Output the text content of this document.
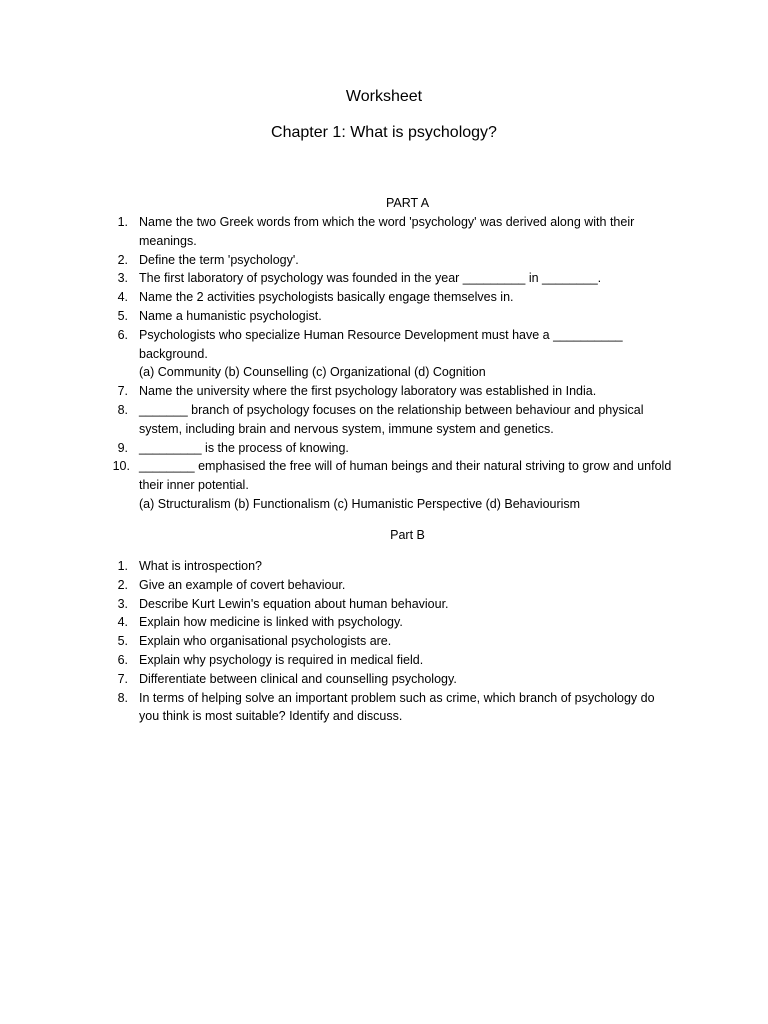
Worksheet
Chapter 1: What is psychology?
PART A
1. Name the two Greek words from which the word 'psychology' was derived along with their meanings.
2. Define the term 'psychology'.
3. The first laboratory of psychology was founded in the year _________ in ________.
4. Name the 2 activities psychologists basically engage themselves in.
5. Name a humanistic psychologist.
6. Psychologists who specialize Human Resource Development must have a __________ background.
(a) Community (b) Counselling (c) Organizational (d) Cognition
7. Name the university where the first psychology laboratory was established in India.
8. _______ branch of psychology focuses on the relationship between behaviour and physical system, including brain and nervous system, immune system and genetics.
9. _________ is the process of knowing.
10. ________ emphasised the free will of human beings and their natural striving to grow and unfold their inner potential.
(a) Structuralism (b) Functionalism (c) Humanistic Perspective (d) Behaviourism
Part B
1. What is introspection?
2. Give an example of covert behaviour.
3. Describe Kurt Lewin's equation about human behaviour.
4. Explain how medicine is linked with psychology.
5. Explain who organisational psychologists are.
6. Explain why psychology is required in medical field.
7. Differentiate between clinical and counselling psychology.
8. In terms of helping solve an important problem such as crime, which branch of psychology do you think is most suitable? Identify and discuss.
